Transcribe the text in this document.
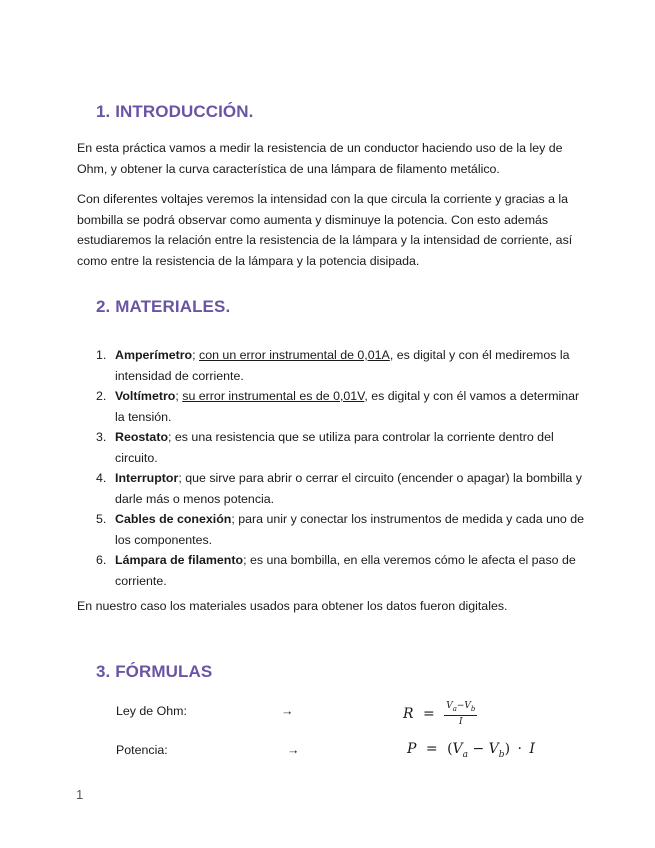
1. INTRODUCCIÓN.

En esta práctica vamos a medir la resistencia de un conductor haciendo uso de la ley de Ohm, y obtener la curva característica de una lámpara de filamento metálico.

Con diferentes voltajes veremos la intensidad con la que circula la corriente y gracias a la bombilla se podrá observar como aumenta y disminuye la potencia. Con esto además estudiaremos la relación entre la resistencia de la lámpara y la intensidad de corriente, así como entre la resistencia de la lámpara y la potencia disipada.

2. MATERIALES.
1. Amperímetro; con un error instrumental de 0,01A, es digital y con él mediremos la intensidad de corriente.
2. Voltímetro; su error instrumental es de 0,01V, es digital y con él vamos a determinar la tensión.
3. Reostato; es una resistencia que se utiliza para controlar la corriente dentro del circuito.
4. Interruptor; que sirve para abrir o cerrar el circuito (encender o apagar) la bombilla y darle más o menos potencia.
5. Cables de conexión; para unir y conectar los instrumentos de medida y cada uno de los componentes.
6. Lámpara de filamento; es una bombilla, en ella veremos cómo le afecta el paso de corriente.

En nuestro caso los materiales usados para obtener los datos fueron digitales.

3. FÓRMULAS
Ley de Ohm:	→	$R = \frac{V_a-V_b}{I}$
Potencia:	→	$P = (V_a - V_b) \cdot I$
1
